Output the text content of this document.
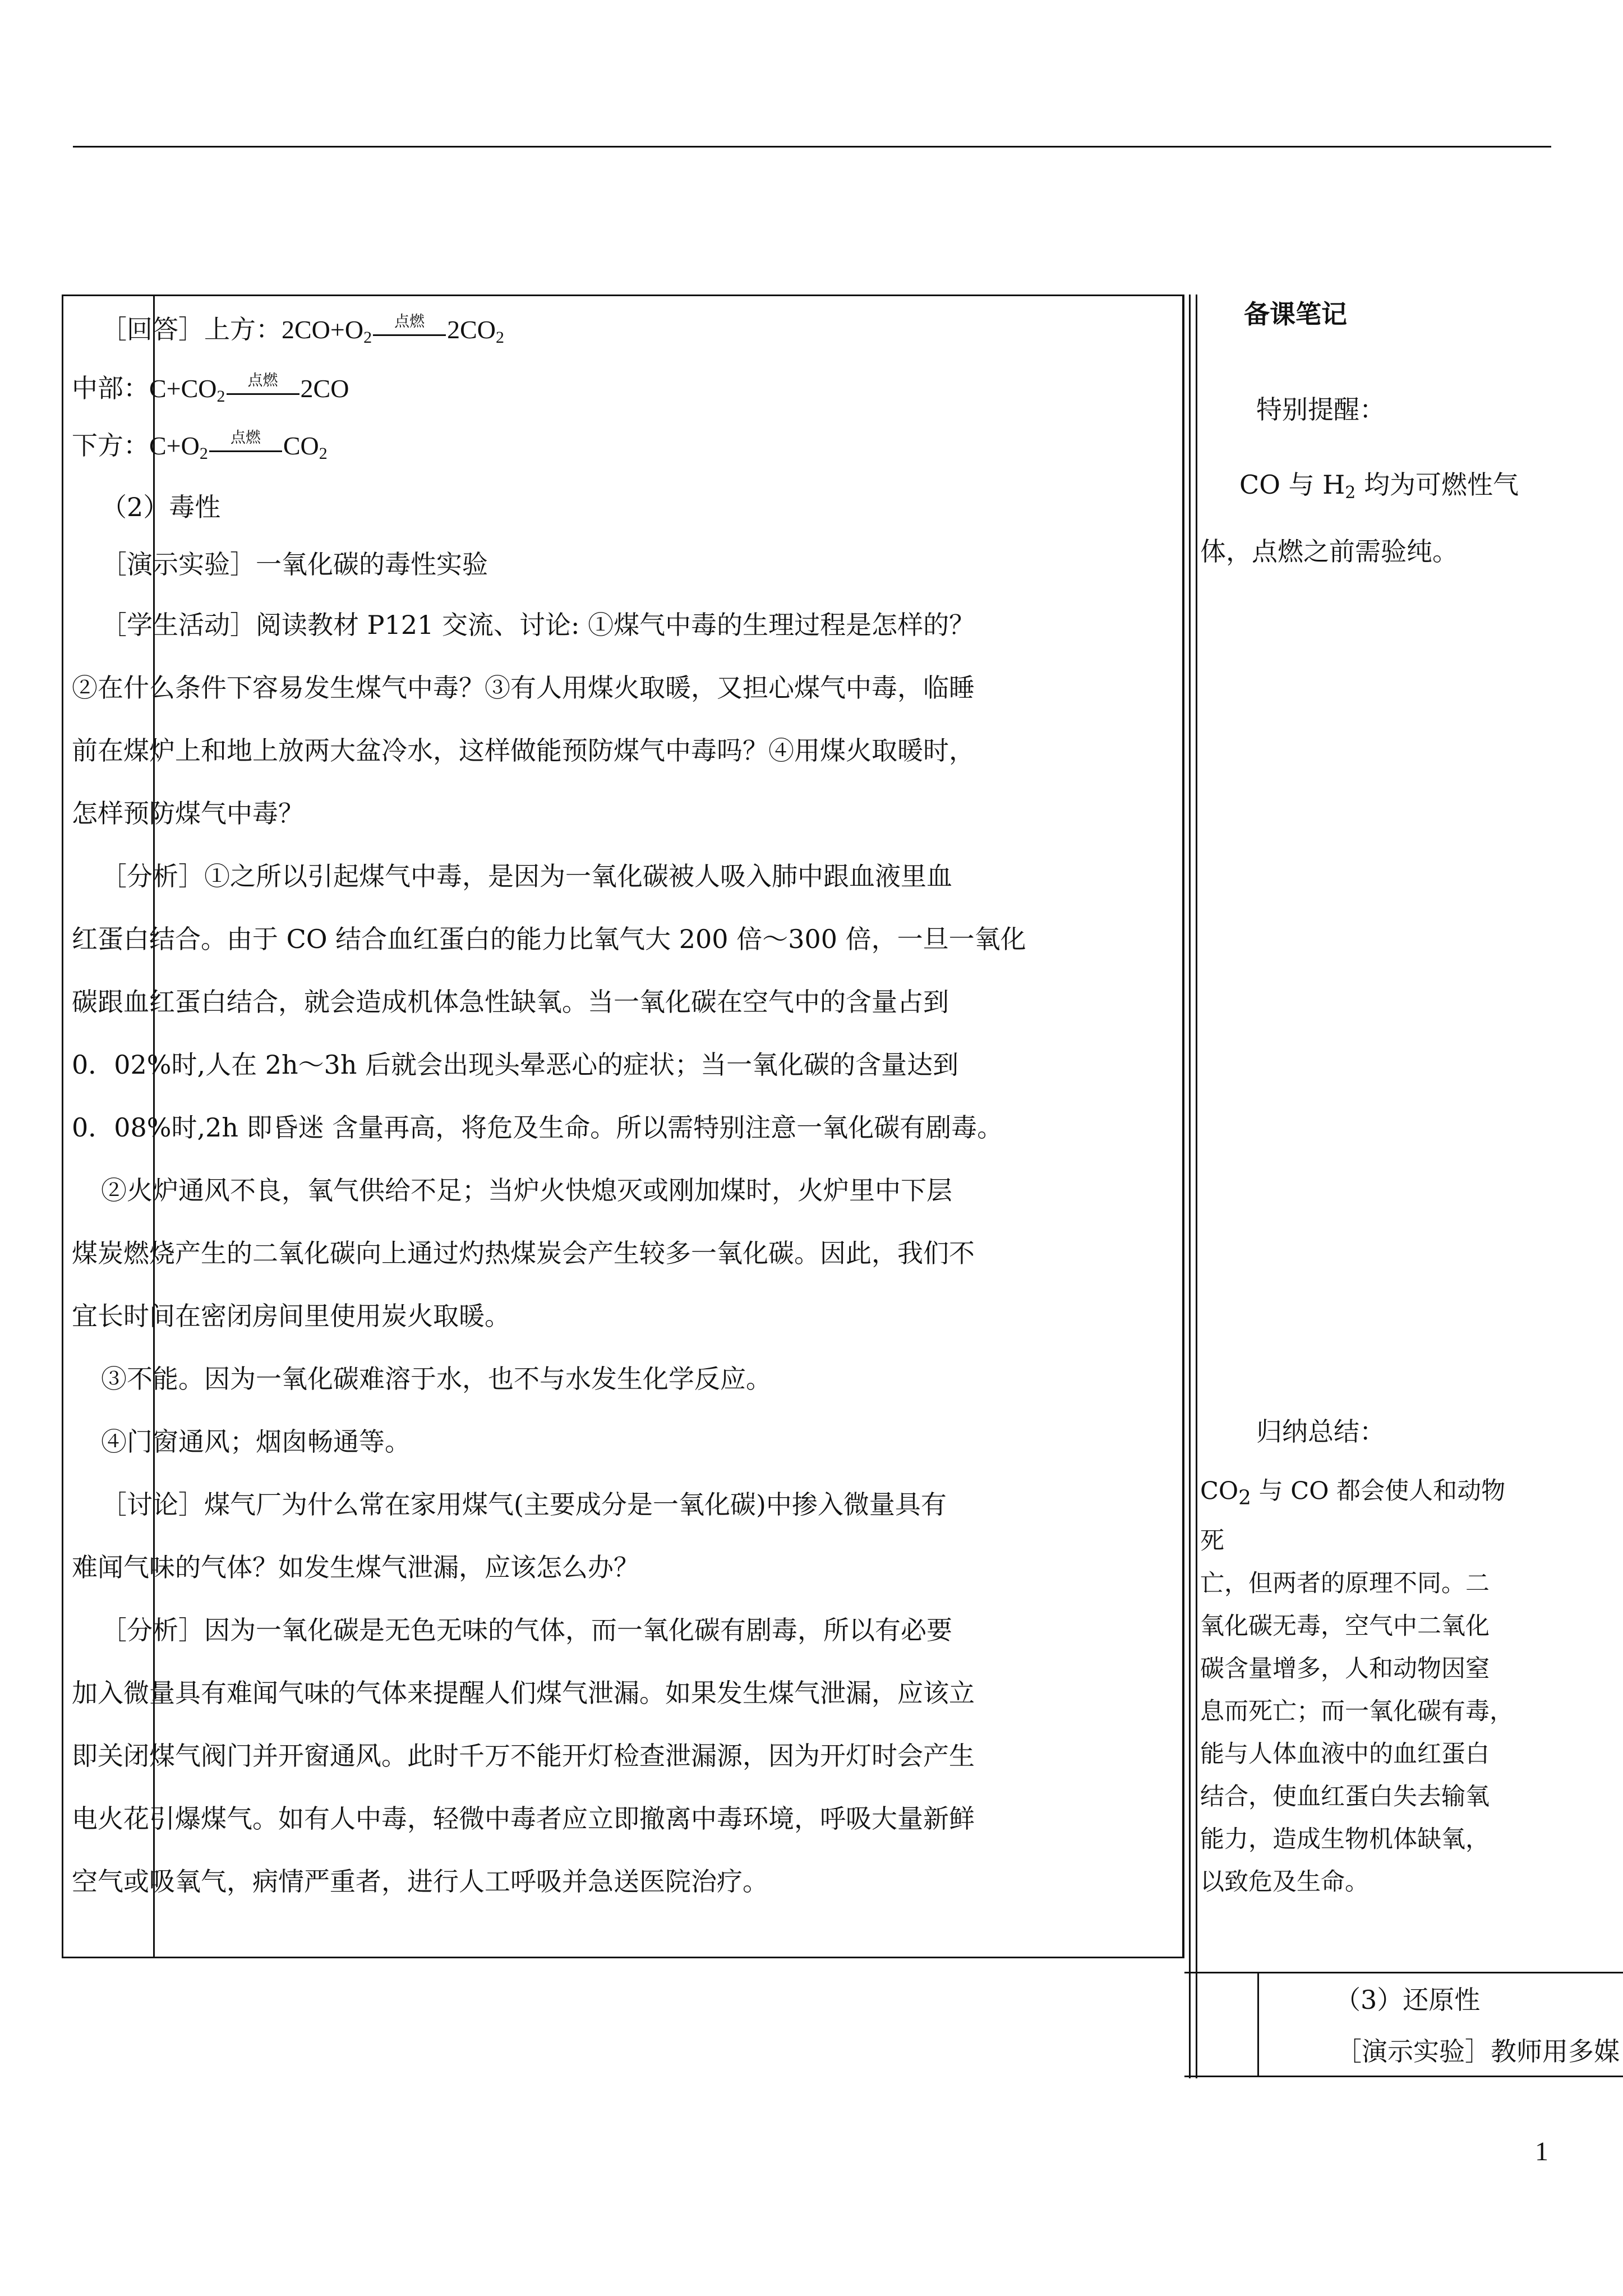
［回答］上方：$2CO+O_2$
点燃 $2CO_2$

中部：$C+CO_2$
点燃 2CO

下方：$C+O_2$
点燃 $CO_2$

（2）毒性

［演示实验］一氧化碳的毒性实验

［学生活动］阅读教材 P121 交流、讨论: ①煤气中毒的生理过程是怎样的？

②在什么条件下容易发生煤气中毒？③有人用煤火取暖，又担心煤气中毒，临睡

前在煤炉上和地上放两大盆冷水，这样做能预防煤气中毒吗？④用煤火取暖时，

怎样预防煤气中毒？

［分析］①之所以引起煤气中毒，是因为一氧化碳被人吸入肺中跟血液里血

红蛋白结合。由于 CO 结合血红蛋白的能力比氧气大 200 倍～300 倍，一旦一氧化

碳跟血红蛋白结合，就会造成机体急性缺氧。当一氧化碳在空气中的含量占到

0．02%时,人在 2h～3h 后就会出现头晕恶心的症状；当一氧化碳的含量达到

0．08%时,2h 即昏迷 含量再高，将危及生命。所以需特别注意一氧化碳有剧毒。

②火炉通风不良，氧气供给不足；当炉火快熄灭或刚加煤时，火炉里中下层

煤炭燃烧产生的二氧化碳向上通过灼热煤炭会产生较多一氧化碳。因此，我们不

宜长时间在密闭房间里使用炭火取暖。

③不能。因为一氧化碳难溶于水，也不与水发生化学反应。

④门窗通风；烟囱畅通等。

［讨论］煤气厂为什么常在家用煤气(主要成分是一氧化碳)中掺入微量具有

难闻气味的气体？如发生煤气泄漏，应该怎么办？

［分析］因为一氧化碳是无色无味的气体，而一氧化碳有剧毒，所以有必要

加入微量具有难闻气味的气体来提醒人们煤气泄漏。如果发生煤气泄漏，应该立

即关闭煤气阀门并开窗通风。此时千万不能开灯检查泄漏源，因为开灯时会产生

电火花引爆煤气。如有人中毒，轻微中毒者应立即撤离中毒环境，呼吸大量新鲜

空气或吸氧气，病情严重者，进行人工呼吸并急送医院治疗。

备课笔记
特别提醒：

CO 与 $H_2$ 均为可燃性气

体，点燃之前需验纯。

归纳总结：

$CO_2$ 与 CO 都会使人和动物死

亡，但两者的原理不同。二

氧化碳无毒，空气中二氧化

碳含量增多，人和动物因窒

息而死亡；而一氧化碳有毒，

能与人体血液中的血红蛋白

结合，使血红蛋白失去输氧

能力，造成生物机体缺氧，

以致危及生命。

（3）还原性
［演示实验］教师用多媒
1
